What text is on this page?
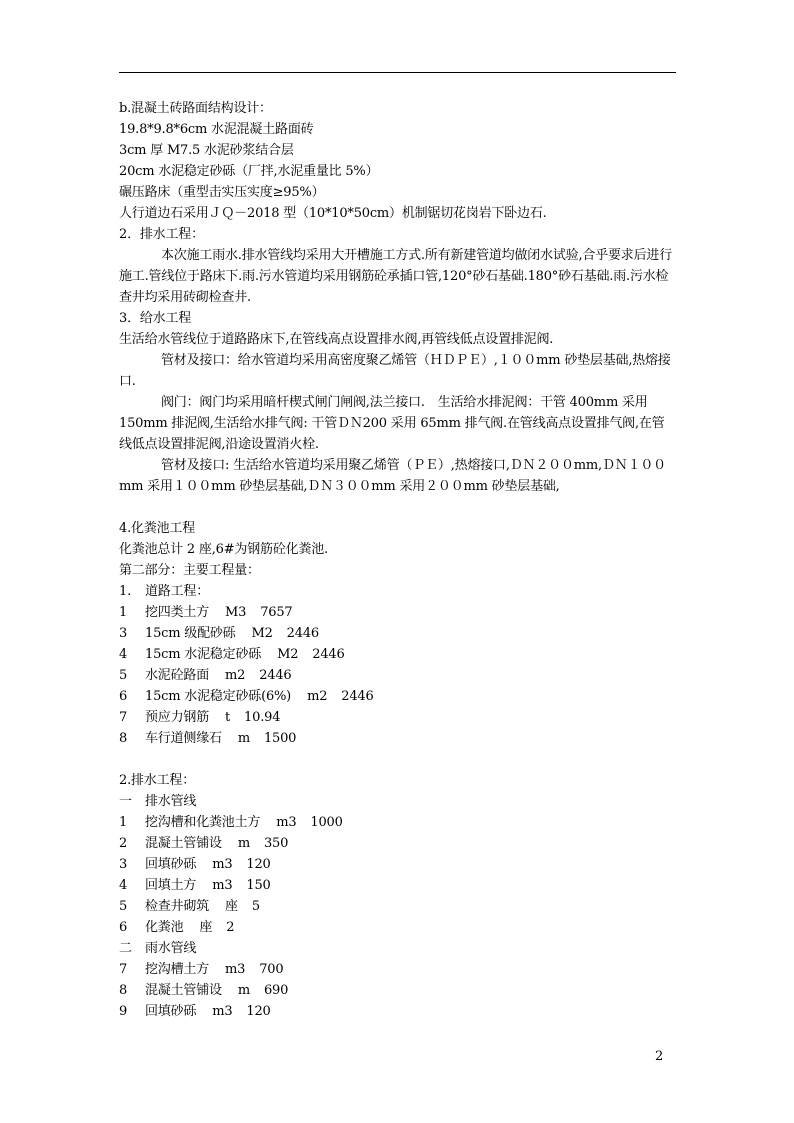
b.混凝土砖路面结构设计：
19.8*9.8*6cm 水泥混凝土路面砖
3cm 厚 M7.5 水泥砂浆结合层
20cm 水泥稳定砂砾（厂拌,水泥重量比 5%）
碾压路床（重型击实压实度≥95%）
人行道边石采用ＪＱ－2018 型（10*10*50cm）机制锯切花岗岩下卧边石.
2．排水工程：
本次施工雨水.排水管线均采用大开槽施工方式.所有新建管道均做闭水试验,合乎要求后进行施工.管线位于路床下.雨.污水管道均采用钢筋砼承插口管,120°砂石基础.180°砂石基础.雨.污水检查井均采用砖砌检查井.
3．给水工程
生活给水管线位于道路路床下,在管线高点设置排水阀,再管线低点设置排泥阀.
管材及接口：给水管道均采用高密度聚乙烯管（ＨＤＰＥ）,１００mm 砂垫层基础,热熔接口.
阀门：阀门均采用暗杆楔式闸门闸阀,法兰接口.　生活给水排泥阀：干管 400mm 采用 150mm 排泥阀,生活给水排气阀: 干管ＤＮ200 采用 65mm 排气阀.在管线高点设置排气阀,在管线低点设置排泥阀,沿途设置消火栓.
管材及接口: 生活给水管道均采用聚乙烯管（ＰＥ）,热熔接口,ＤＮ２００mm,ＤＮ１００mm 采用１００mm 砂垫层基础,ＤＮ３００mm 采用２００mm 砂垫层基础,
4.化粪池工程
化粪池总计 2 座,6#为钢筋砼化粪池.
第二部分：主要工程量：
1. 道路工程：
1 挖四类土方 M3 7657
3 15cm 级配砂砾 M2 2446
4 15cm 水泥稳定砂砾 M2 2446
5 水泥砼路面 m2 2446
6 15cm 水泥稳定砂砾(6%) m2 2446
7 预应力钢筋 t 10.94
8 车行道侧缘石 m 1500
2.排水工程：
一 排水管线
1 挖沟槽和化粪池土方 m3 1000
2 混凝土管铺设 m 350
3 回填砂砾 m3 120
4 回填土方 m3 150
5 检查井砌筑 座 5
6 化粪池 座 2
二 雨水管线
7 挖沟槽土方 m3 700
8 混凝土管铺设 m 690
9 回填砂砾 m3 120
2
